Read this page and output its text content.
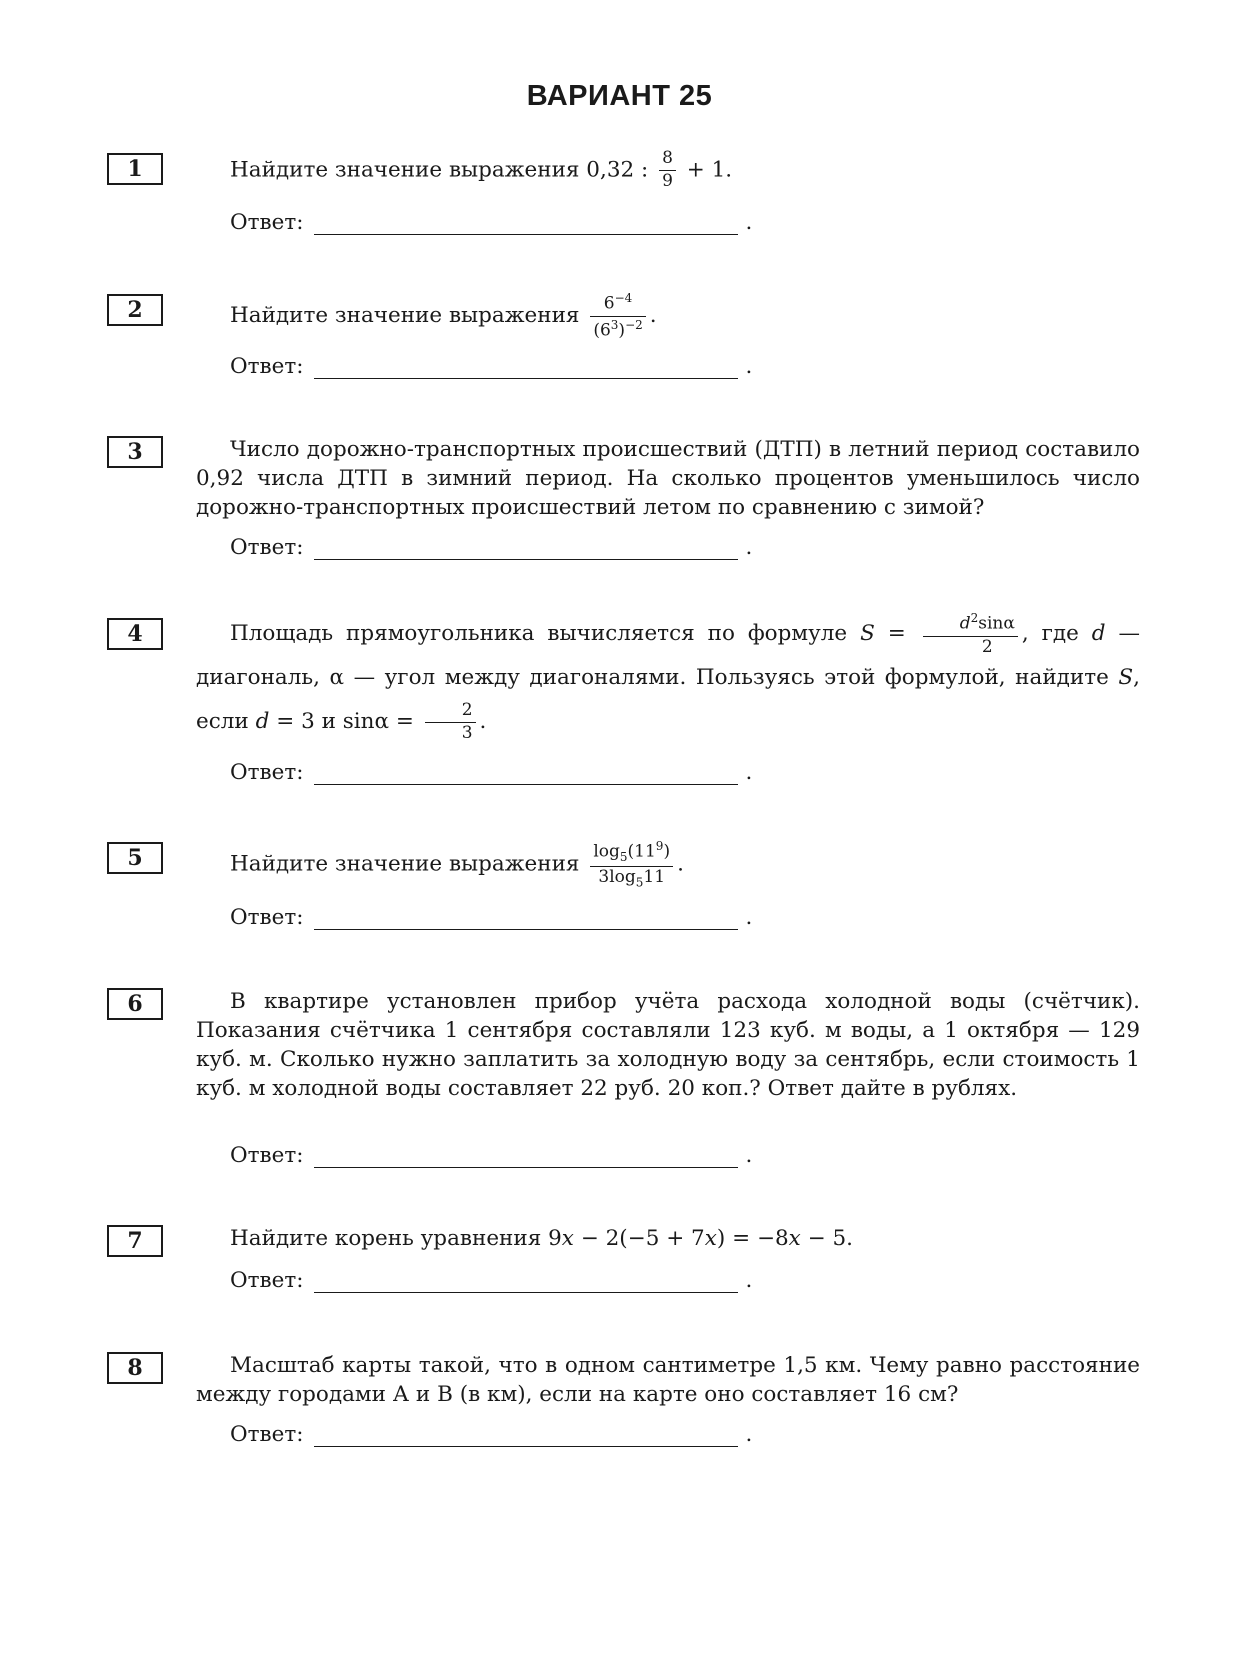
ВАРИАНТ 25
1	Найдите значение выражения 0,32 : $\frac{8}{9} + 1$.
Ответ:	.
2	Найдите значение выражения $\frac{6^{-4}}{(6^3)^{-2}}$ .
Ответ:	.
3	Число дорожно-транспортных происшествий (ДТП) в летний период составило 0,92 числа ДТП в зимний период. На сколько процентов уменьшилось число дорожно-транспортных происшествий летом по сравнению с зимой?
Ответ:	.
4	Площадь прямоугольника вычисляется по формуле $S = \frac{d^2\sin\alpha}{2}$ , где d — диагональ, α — угол между диагоналями. Пользуясь этой формулой, найдите S, если d = 3 и $\sin\alpha = \frac{2}{3}$ .
Ответ:	.
5	Найдите значение выражения $\frac{\log_5(11^9)}{3\log_511}$ .
Ответ:	.
6	В квартире установлен прибор учёта расхода холодной воды (счётчик). Показания счётчика 1 сентября составляли 123 куб. м воды, а 1 октября — 129 куб. м. Сколько нужно заплатить за холодную воду за сентябрь, если стоимость 1 куб. м холодной воды составляет 22 руб. 20 коп.? Ответ дайте в рублях.
Ответ:	.
7	Найдите корень уравнения 9x − 2(−5 + 7x) = −8x − 5.
Ответ:	.
8	Масштаб карты такой, что в одном сантиметре 1,5 км. Чему равно расстояние между городами А и В (в км), если на карте оно составляет 16 см?
Ответ:	.
